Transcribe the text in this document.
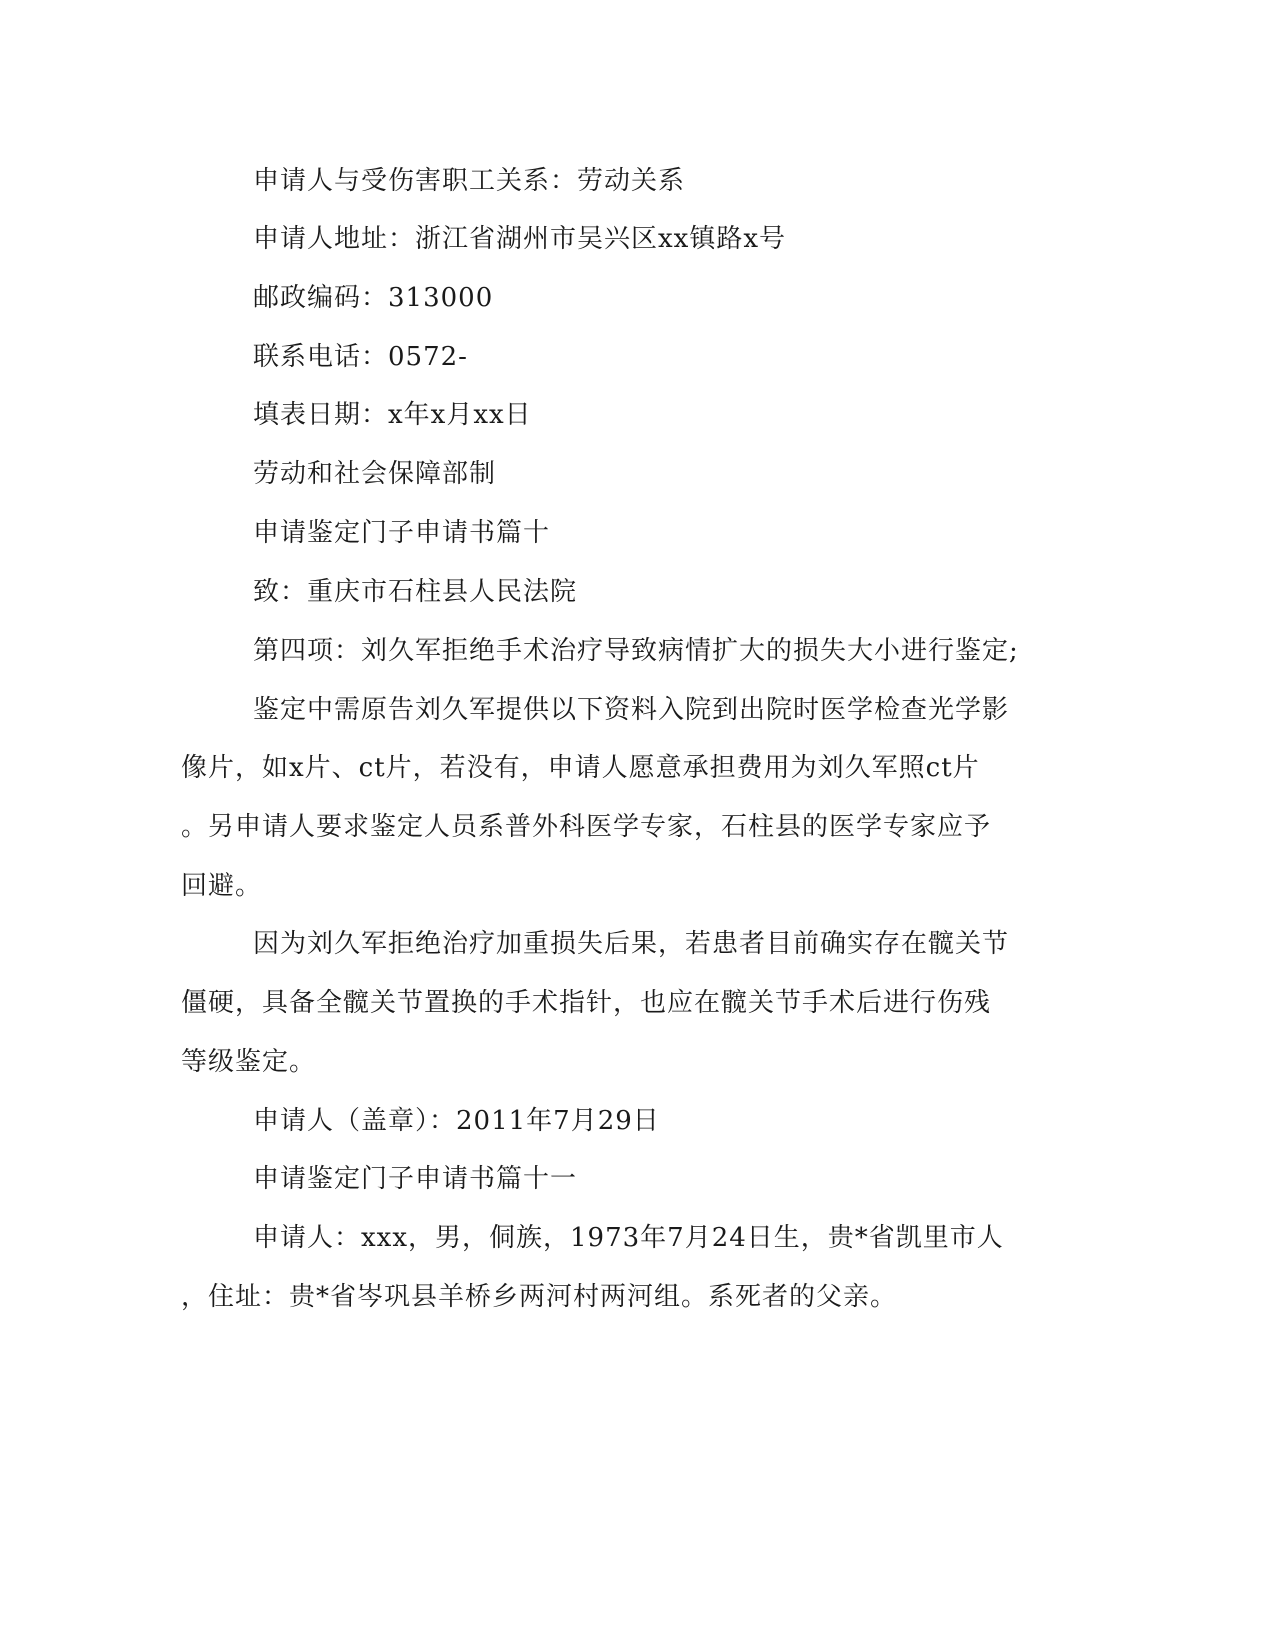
申请人与受伤害职工关系：劳动关系
申请人地址：浙江省湖州市吴兴区xx镇路x号
邮政编码：313000
联系电话：0572-
填表日期：x年x月xx日
劳动和社会保障部制
申请鉴定门子申请书篇十
致：重庆市石柱县人民法院
第四项：刘久军拒绝手术治疗导致病情扩大的损失大小进行鉴定;
鉴定中需原告刘久军提供以下资料入院到出院时医学检查光学影
像片，如x片、ct片，若没有，申请人愿意承担费用为刘久军照ct片
。另申请人要求鉴定人员系普外科医学专家，石柱县的医学专家应予
回避。
因为刘久军拒绝治疗加重损失后果，若患者目前确实存在髋关节
僵硬，具备全髋关节置换的手术指针，也应在髋关节手术后进行伤残
等级鉴定。
申请人（盖章）：2011年7月29日
申请鉴定门子申请书篇十一
申请人：xxx，男，侗族，1973年7月24日生，贵*省凯里市人
，住址：贵*省岑巩县羊桥乡两河村两河组。系死者的父亲。
